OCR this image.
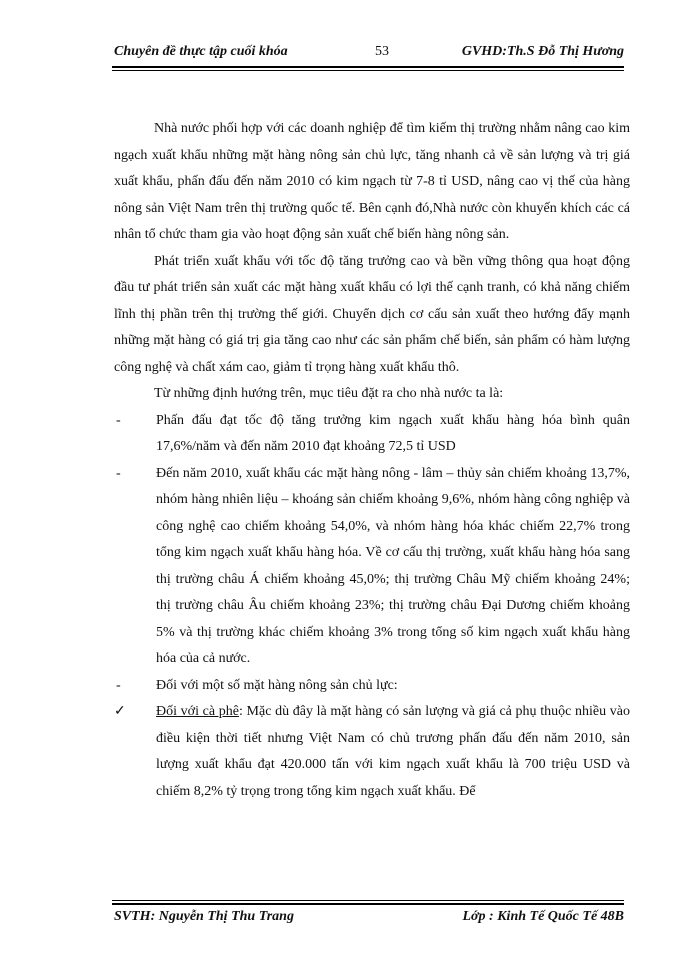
Chuyên đề thực tập cuối khóa	53	GVHD:Th.S Đỗ Thị Hương

Nhà nước phối hợp với các doanh nghiệp để tìm kiếm thị trường nhằm nâng cao kim ngạch xuất khẩu những mặt hàng nông sản chủ lực, tăng nhanh cả về sản lượng và trị giá xuất khẩu, phấn đấu đến năm 2010 có kim ngạch từ 7-8 tỉ USD, nâng cao vị thế của hàng nông sản Việt Nam trên thị trường quốc tế. Bên cạnh đó,Nhà nước còn khuyến khích các cá nhân tổ chức tham gia vào hoạt động sản xuất chế biến hàng nông sản.

Phát triển xuất khẩu với tốc độ tăng trưởng cao và bền vững thông qua hoạt động đầu tư phát triển sản xuất các mặt hàng xuất khẩu có lợi thế cạnh tranh, có khả năng chiếm lĩnh thị phần trên thị trường thế giới. Chuyển dịch cơ cấu sản xuất theo hướng đẩy mạnh những mặt hàng có giá trị gia tăng cao như các sản phẩm chế biến, sản phẩm có hàm lượng công nghệ và chất xám cao, giảm tỉ trọng hàng xuất khẩu thô.

Từ những định hướng trên, mục tiêu đặt ra cho nhà nước ta là:

-	Phấn đấu đạt tốc độ tăng trưởng kim ngạch xuất khẩu hàng hóa bình quân 17,6%/năm và đến năm 2010 đạt khoảng 72,5 tỉ USD

-	Đến năm 2010, xuất khẩu các mặt hàng nông - lâm – thủy sản chiếm khoảng 13,7%, nhóm hàng nhiên liệu – khoáng sản chiếm khoảng 9,6%, nhóm hàng công nghiệp và công nghệ cao chiếm khoảng 54,0%, và nhóm hàng hóa khác chiếm 22,7% trong tổng kim ngạch xuất khẩu hàng hóa. Về cơ cấu thị trường, xuất khẩu hàng hóa sang thị trường châu Á chiếm khoảng 45,0%; thị trường Châu Mỹ chiếm khoảng 24%; thị trường châu Âu chiếm khoảng 23%; thị trường châu Đại Dương chiếm khoảng 5% và thị trường khác chiếm khoảng 3% trong tổng số kim ngạch xuất khẩu hàng hóa của cả nước.

-	Đối với một số mặt hàng nông sản chủ lực:

✓ Đối với cà phê: Mặc dù đây là mặt hàng có sản lượng và giá cả phụ thuộc nhiều vào điều kiện thời tiết nhưng Việt Nam có chủ trương phấn đấu đến năm 2010, sản lượng xuất khẩu đạt 420.000 tấn với kim ngạch xuất khẩu là 700 triệu USD và chiếm 8,2% tỷ trọng trong tổng kim ngạch xuất khẩu. Để

SVTH: Nguyễn Thị Thu Trang	Lớp : Kinh Tế Quốc Tế 48B
